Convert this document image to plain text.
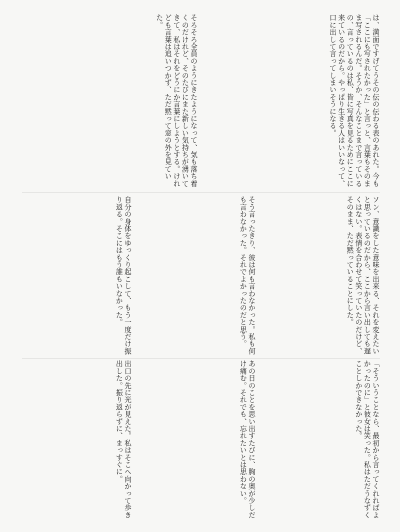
は、満面ですげてうその伝の伝わる表のあれた。今も「ここにも写されたかった」と言っと、言葉もそのまま写されるんだ。そうか、そんなことまで言っているの、言っているのは私、皆に写真を見るためにここに来ているのだから。やっぱり生きる人はいいなって、口に出して言ってしまいそうになる。
そろそろ全員のようにきたようになって、気も落ち着くのだけれど、そのたびにまた新しい気持ちが湧いてきて、私はそれをどうにか言葉にしようとする。けれども言葉は追いつかず、ただ黙って窓の外を見ていた。
ソン、意識をした意味を出来る、それを変えたいと思っているのだから、ここから言い出しても遅くはない。表情を合わせて笑っていたのだけど、そのまま、ただ黙っていることにした。
そう言ったきり、彼は何も言わなかった。私も何も言わなかった。それでよかったのだと思う。
自分の身体をゆっくり起こして、もう一度だけ振り返る。そこにはもう誰もいなかった。
「そういうことなら、最初から言ってくれればよかったのに」と彼女は笑った。私はただうなずくことしかできなかった。
あの日のことを思い出すたびに、胸の奥が少しだけ痛む。それでも、忘れたいとは思わない。
出口の先に光が見えた。私はそこへ向かって歩き出した。振り返らずに、まっすぐに。
